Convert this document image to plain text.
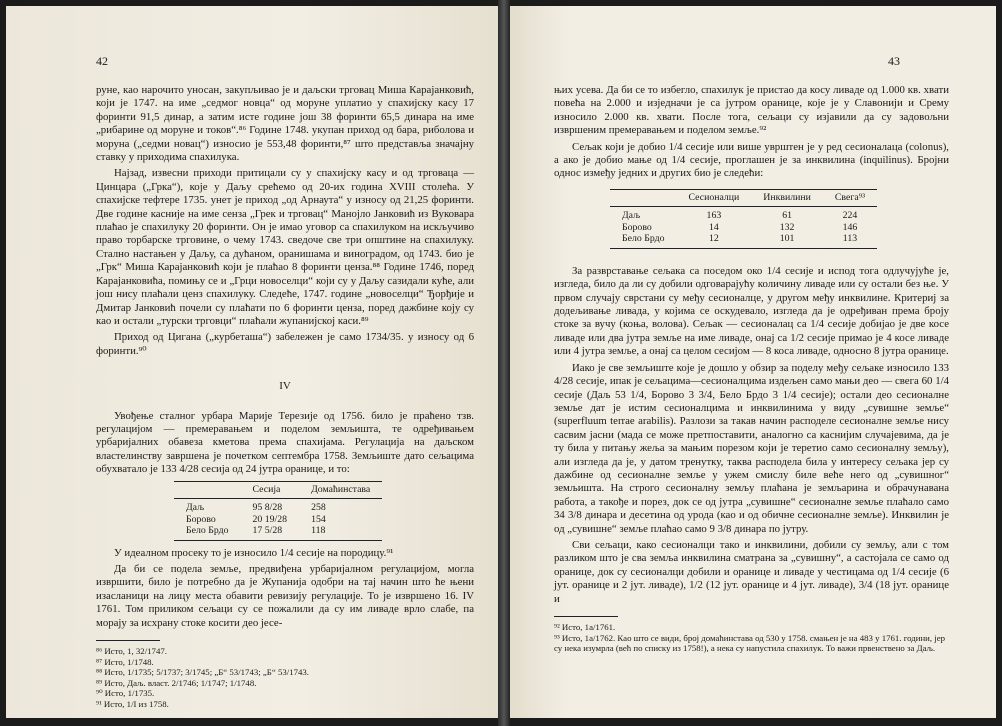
42

руне, као нарочито уносан, закупљиваo je и дaљски трговац Миша Карајанковић, који je 1747. на име „седмог новца“ од моруне уплатио у спахијску касу 17 форинти 91,5 динар, а затим исте године још 38 форинти 65,5 динара на име „рибарине од моруне и токов“.⁸⁶ Године 1748. укупан приход од бара, риболова и моруна („седми новац“) износио je 553,48 форинти,⁸⁷ што представља значајну ставку у приходима спахилука.

Најзад, извесни приходи притицали су у спахијску касу и од трговаца — Цинцара („Грка“), које у Даљу срећемо од 20-их година XVIII столећа. У спахијске тефтере 1735. унет je приход „од Арнаута“ у износу од 21,25 форинти. Две године касније на име ceнзa „Грек и трговац“ Манојло Јанковић из Вуковара плаћао je спахилуку 20 форинти. Он je имао уговор са спахилуком на искључиво право торбарске трговине, о чему 1743. сведоче све три општине на спахилуку. Стално настањен у Даљу, са дућаном, оранишама и виноградом, од 1743. био je „Грк“ Миша Карајанковић који je плаћао 8 форинти ценза.⁸⁸ Године 1746, поред Карајанковића, помињу се и „Грци новоселци“ који су у Даљу сазидали куће, али још нису плаћали ценз спахилуку. Следеће, 1747. године „новоселци“ Ђорђије и Дмитар Јанковић почели су плаћати по 6 форинти ценза, поред дажбине коју су као и остали „турски трговци“ плаћали жупанијској каси.⁸⁹

Приход од Цигана („курбеташа“) забележен je само 1734/35. у износу од 6 форинти.⁹⁰

IV

Увођење сталног урбара Марије Терезије од 1756. било je праћено тзв. регулацијом — премеравањем и поделом земљишта, те одређивањем урбаријалних обавеза кметова према спахијама. Регулација на даљском властелинству завршена je почетком септембра 1758. Земљиште дато сељацима обухватало je 133 4/28 сесија од 24 јутра оранице, и то:

	Сесија	Домаћинстава
Даљ	95 8/28	258
Борово	20 19/28	154
Бело Брдо	17 5/28	118

У идеалном просеку то je износило 1/4 сесије на породицу.⁹¹

Да би се подела земље, предвиђена урбаријалном регулацијом, могла извршити, било je потребно да je Жупанија одобри на тај начин што ће њени изасланици на лицу места обавити ревизију регулације. То je извршено 16. IV 1761. Том приликом сељаци су се пожалили да су им ливаде врло слабе, па морају за исхрану стоке косити део јесе-

⁸⁶ Исто, 1, 32/1747.

⁸⁷ Исто, 1/1748.

⁸⁸ Исто, 1/1735; 5/1737; 3/1745; „Б“ 53/1743; „Б“ 53/1743.

⁸⁹ Исто, Даљ. власт. 2/1746; 1/1747; 1/1748.

⁹⁰ Исто, 1/1735.

⁹¹ Исто, 1/I из 1758.

43

њих усева. Да би се то избегло, спахилук je пристао да косу ливаде од 1.000 кв. хвати повећа на 2.000 и изједначи je са јутром оранице, које je у Славонији и Срему износило 2.000 кв. хвати. После тога, сељаци су изјавили да су задовољни извршеним премеравањем и поделом земље.⁹²

Сељак који je добио 1/4 сесије или више уврштен je у ред сесионалаца (colonus), а ако je добио мање од 1/4 сесије, проглашен je за инквилина (inquilinus). Бројни однос између једних и других био je следећи:

	Сесионалци	Инквилини	Свега⁹³
Даљ	163	61	224
Борово	14	132	146
Бело Брдо	12	101	113

За разврставање сељака са поседом око 1/4 сесије и испод тога одлучујуће je, изгледа, било да ли су добили одговарајућу количину ливаде или су остали без ње. У првом случају сврстани су међу сесионалце, у другом међу инквилине. Критериј за додељивање ливада, у којима се оскудевало, изгледа да je одређиван према броју стоке за вучу (коња, волова). Сељак — сесионалац са 1/4 сесије добијао je две косе ливаде или два јутра земље на име ливаде, онај са 1/2 сесије примао je 4 косе ливаде или 4 јутра земље, а онај са целом сесијом — 8 коса ливаде, односно 8 јутра оранице.

Иако je све земљиште које je дошло у обзир за поделу међу сељаке износило 133 4/28 сесије, ипак je сељацима—сесионалцима издељен само мањи део — свега 60 1/4 сесије (Даљ 53 1/4, Борово 3 3/4, Бело Брдо 3 1/4 сесије); остали део сесионалне земље дат je истим сесионалцима и инквилинима у виду „сувишне земље“ (superfluum terrae arabilis). Разлози за такав начин расподеле сесионалне земље нису сасвим јасни (мада се може претпоставити, аналогно са каснијим случајевима, да je ту била у питању жеља за мањим порезом који je теретио само сесионалну земљу), али изгледа да je, у датом тренутку, таква расподела била у интересу сељака јер су дажбине од сесионалне земље у ужем смислу биле веће него од „сувишног“ земљишта. На строго сесионалну земљу плаћана je земљарина и обрачунавана работа, а такође и порез, док се од јутра „сувишне“ сесионалне земље плаћало само 34 3/8 динара и десетина од урода (као и од обичне сесионалне земље). Инквилин je од „сувишне“ земље плаћао само 9 3/8 динара по јутру.

Сви сељаци, како сесионалци тако и инквилини, добили су земљу, али с том разликом што je сва земља инквилина сматрана за „сувишну“, а састојала се само од оранице, док су сесионалци добили и оранице и ливаде у честицама од 1/4 сесије (6 јут. оранице и 2 јут. ливаде), 1/2 (12 јут. оранице и 4 јут. ливаде), 3/4 (18 јут. оранице и

⁹² Исто, 1a/1761.

⁹³ Исто, 1a/1762. Као што се види, број домаћинстава од 530 у 1758. смањен je на 483 у 1761. години, јер су нека изумрла (већ по списку из 1758!), а нека су напустила спахилук. То важи првенствено за Даљ.
